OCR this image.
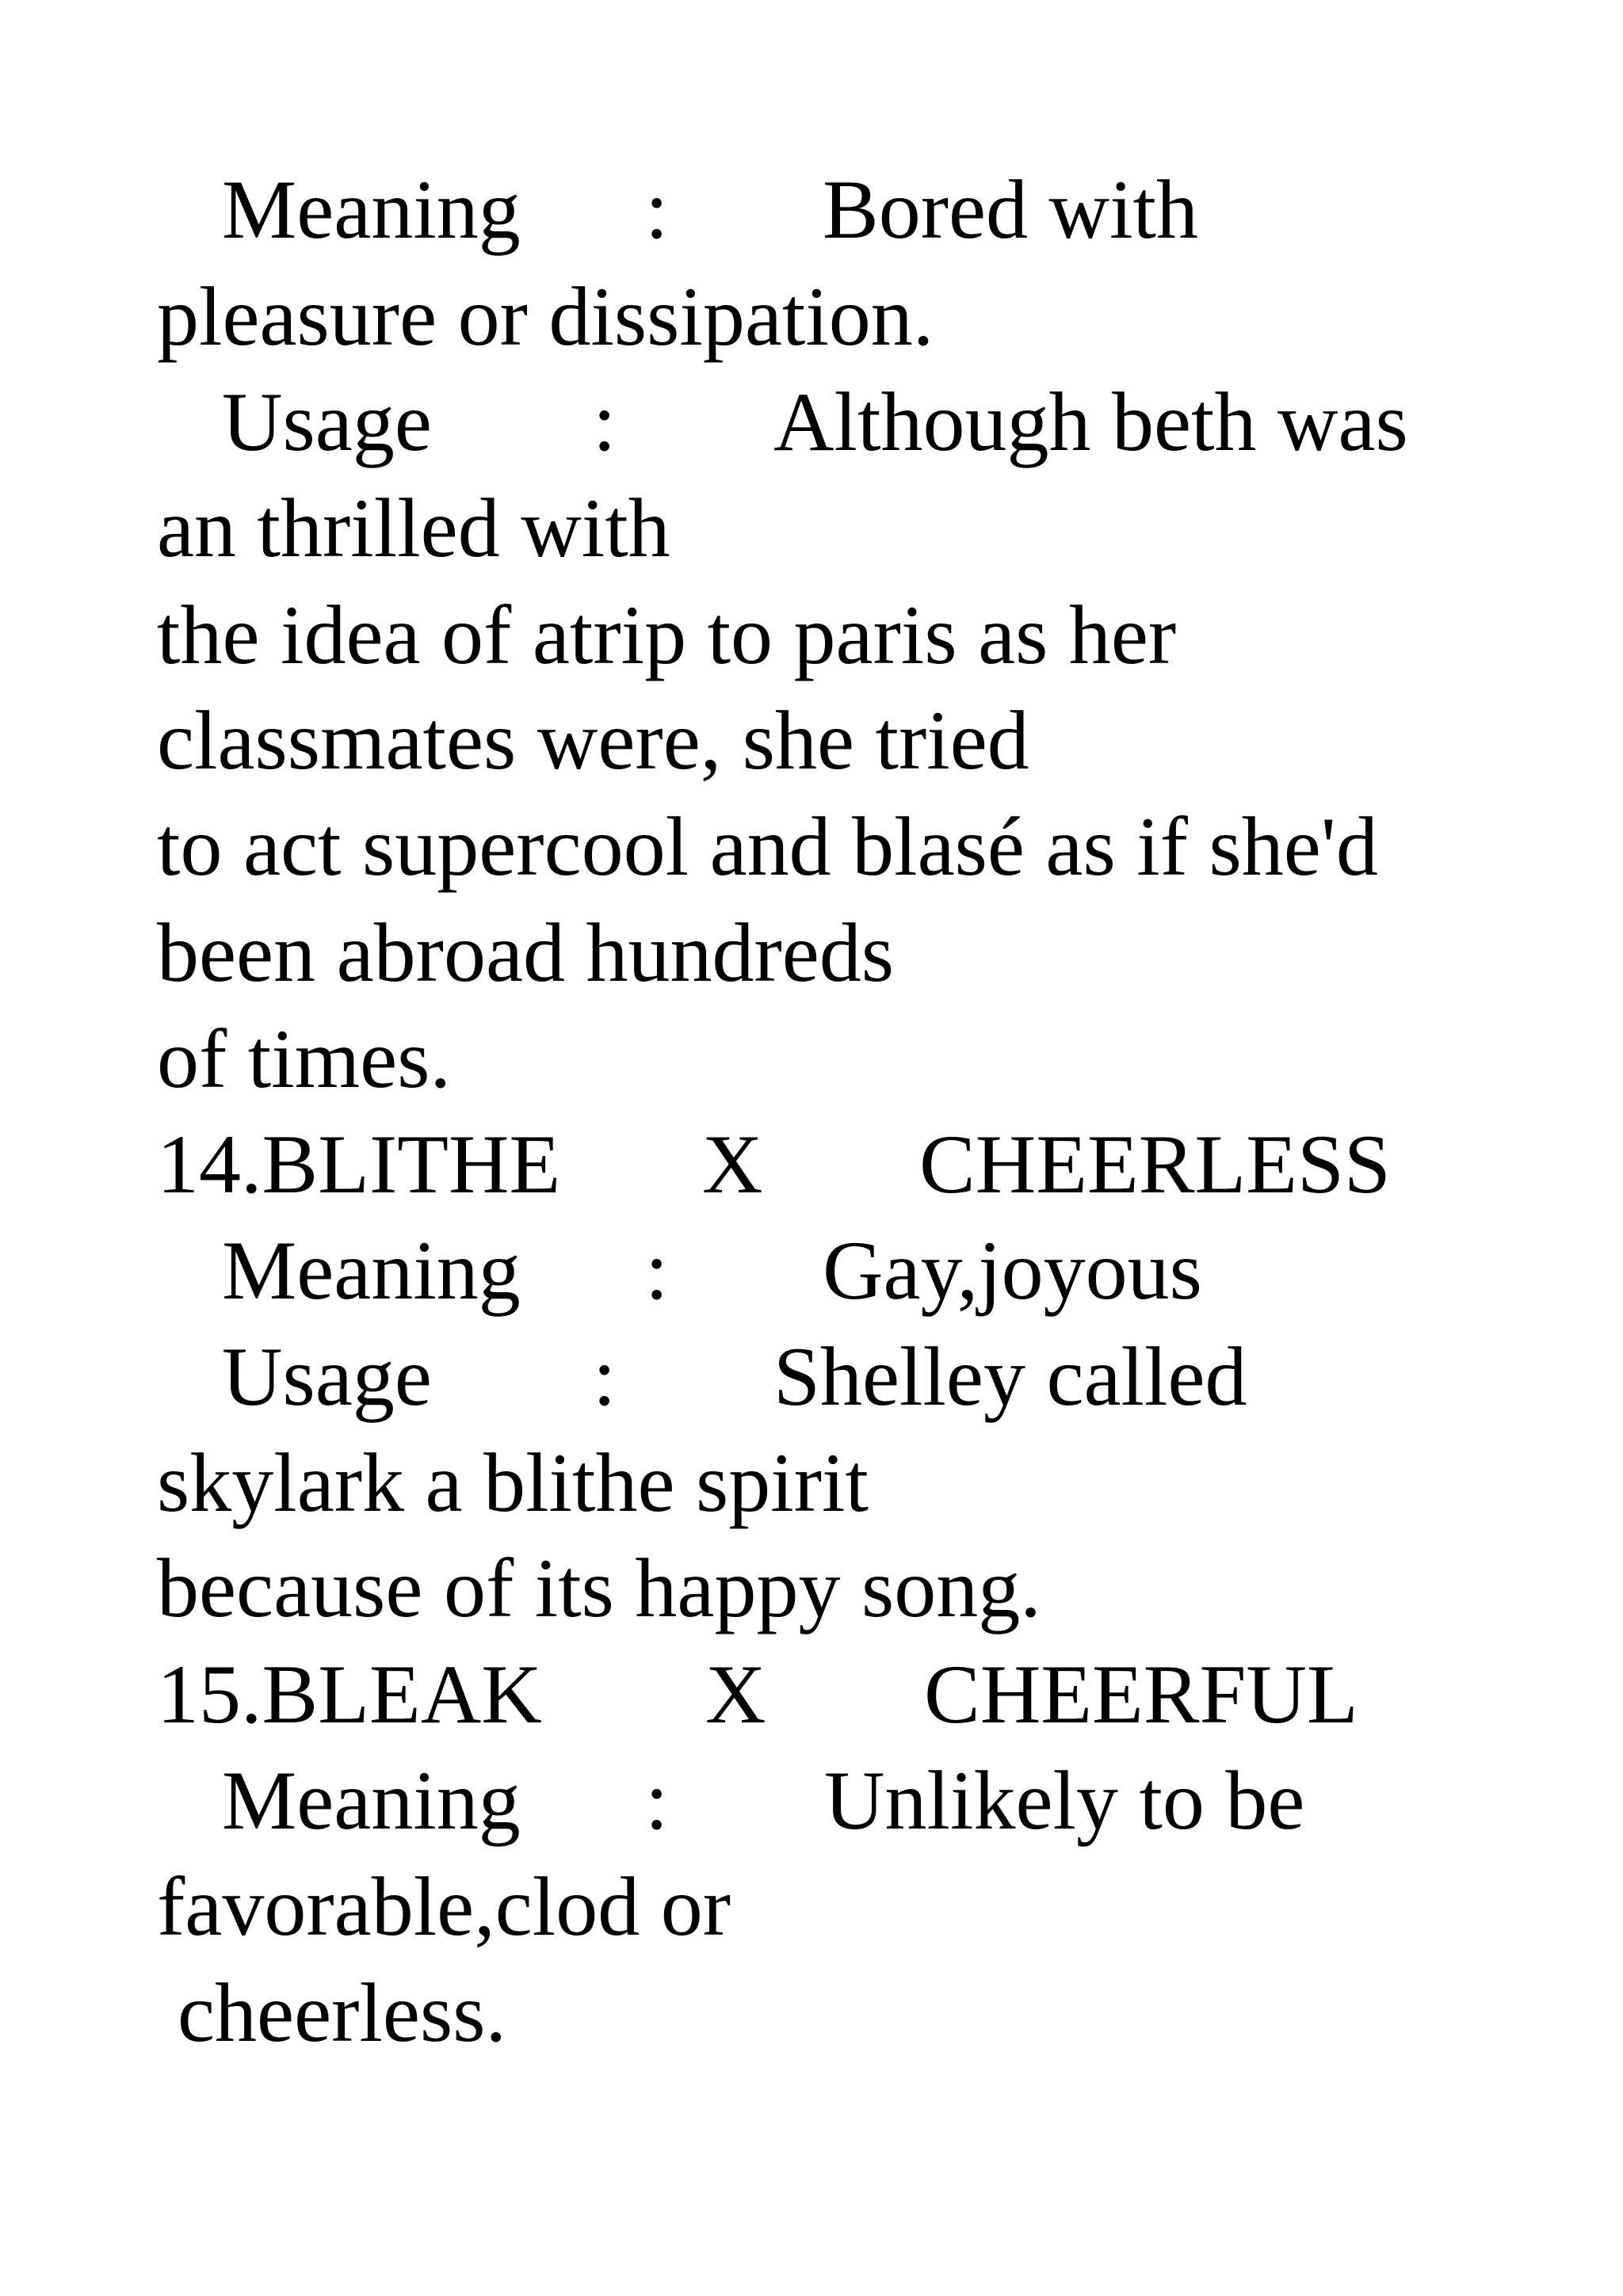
Meaning

:

Bored with

pleasure or dissipation.

Usage

:

Although beth was

an thrilled with
the idea of atrip to paris as her
classmates were, she tried
to act supercool and blasé as if she'd
been abroad hundreds
of times.

14.BLITHE

X

CHEERLESS

Meaning

:

Gay,joyous

Usage

:

Shelley called

skylark a blithe spirit
because of its happy song.

15.BLEAK

X

CHEERFUL

Meaning

:

Unlikely to be

favorable,clod or
cheerless.
